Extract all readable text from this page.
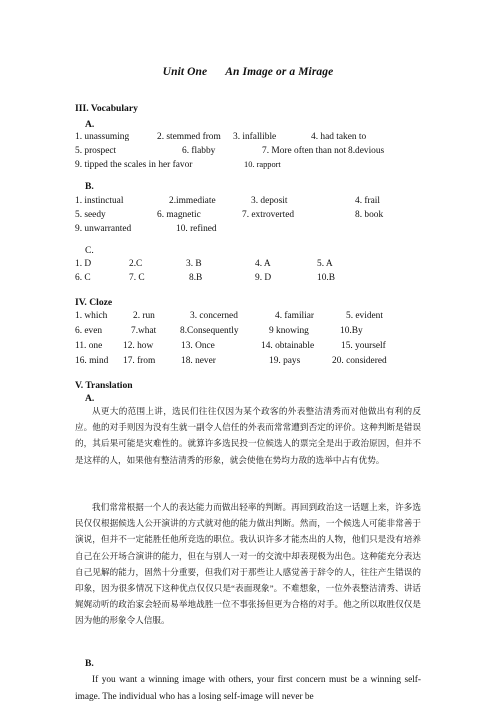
Unit One An Image or a Mirage
III. Vocabulary
A.
1. unassuming	2. stemmed from 3. infallible	4. had taken to
5. prospect	6. flabby	7. More often than not 8.devious
9. tipped the scales in her favor	10. rapport
B.
1. instinctual	2.immediate	3. deposit	4. frail
5. seedy	6. magnetic	7. extroverted	8. book
9. unwarranted	10. refined
C.
1. D	2.C	3. B	4. A	5. A
6. C	7. C	8.B	9. D	10.B
IV. Cloze
1. which	2. run	3. concerned	4. familiar	5. evident
6. even	7.what	8.Consequently	9 knowing	10.By
11. one 12. how	13. Once	14. obtainable	15. yourself
16. mind 17. from	18. never	19. pays	20. considered
V. Translation
A.

从更大的范围上讲，选民们往往仅因为某个政客的外表整洁清秀而对他做出有利的反应。他的对手则因为没有生就一副令人信任的外表而常常遭到否定的评价。这种判断是错误的，其后果可能是灾难性的。就算许多选民投一位候选人的票完全是出于政治原因，但并不是这样的人，如果他有整洁清秀的形象，就会使他在势均力敌的选举中占有优势。

我们常常根据一个人的表达能力而做出轻率的判断。再回到政治这一话题上来，许多选民仅仅根据候选人公开演讲的方式就对他的能力做出判断。然而，一个候选人可能非常善于演说，但并不一定能胜任他所竞选的职位。我认识许多才能杰出的人物，他们只是没有培养自己在公开场合演讲的能力，但在与别人一对一的交流中却表现极为出色。这种能充分表达自己见解的能力，固然十分重要，但我们对于那些让人感觉善于辞令的人，往往产生错误的印象，因为很多情况下这种优点仅仅只是“表面现象”。不难想象，一位外表整洁清秀、讲话娓娓动听的政治家会轻而易举地战胜一位不事张扬但更为合格的对手。他之所以取胜仅仅是因为他的形象令人信服。

B.

If you want a winning image with others, your first concern must be a winning self-image. The individual who has a losing self-image will never be
